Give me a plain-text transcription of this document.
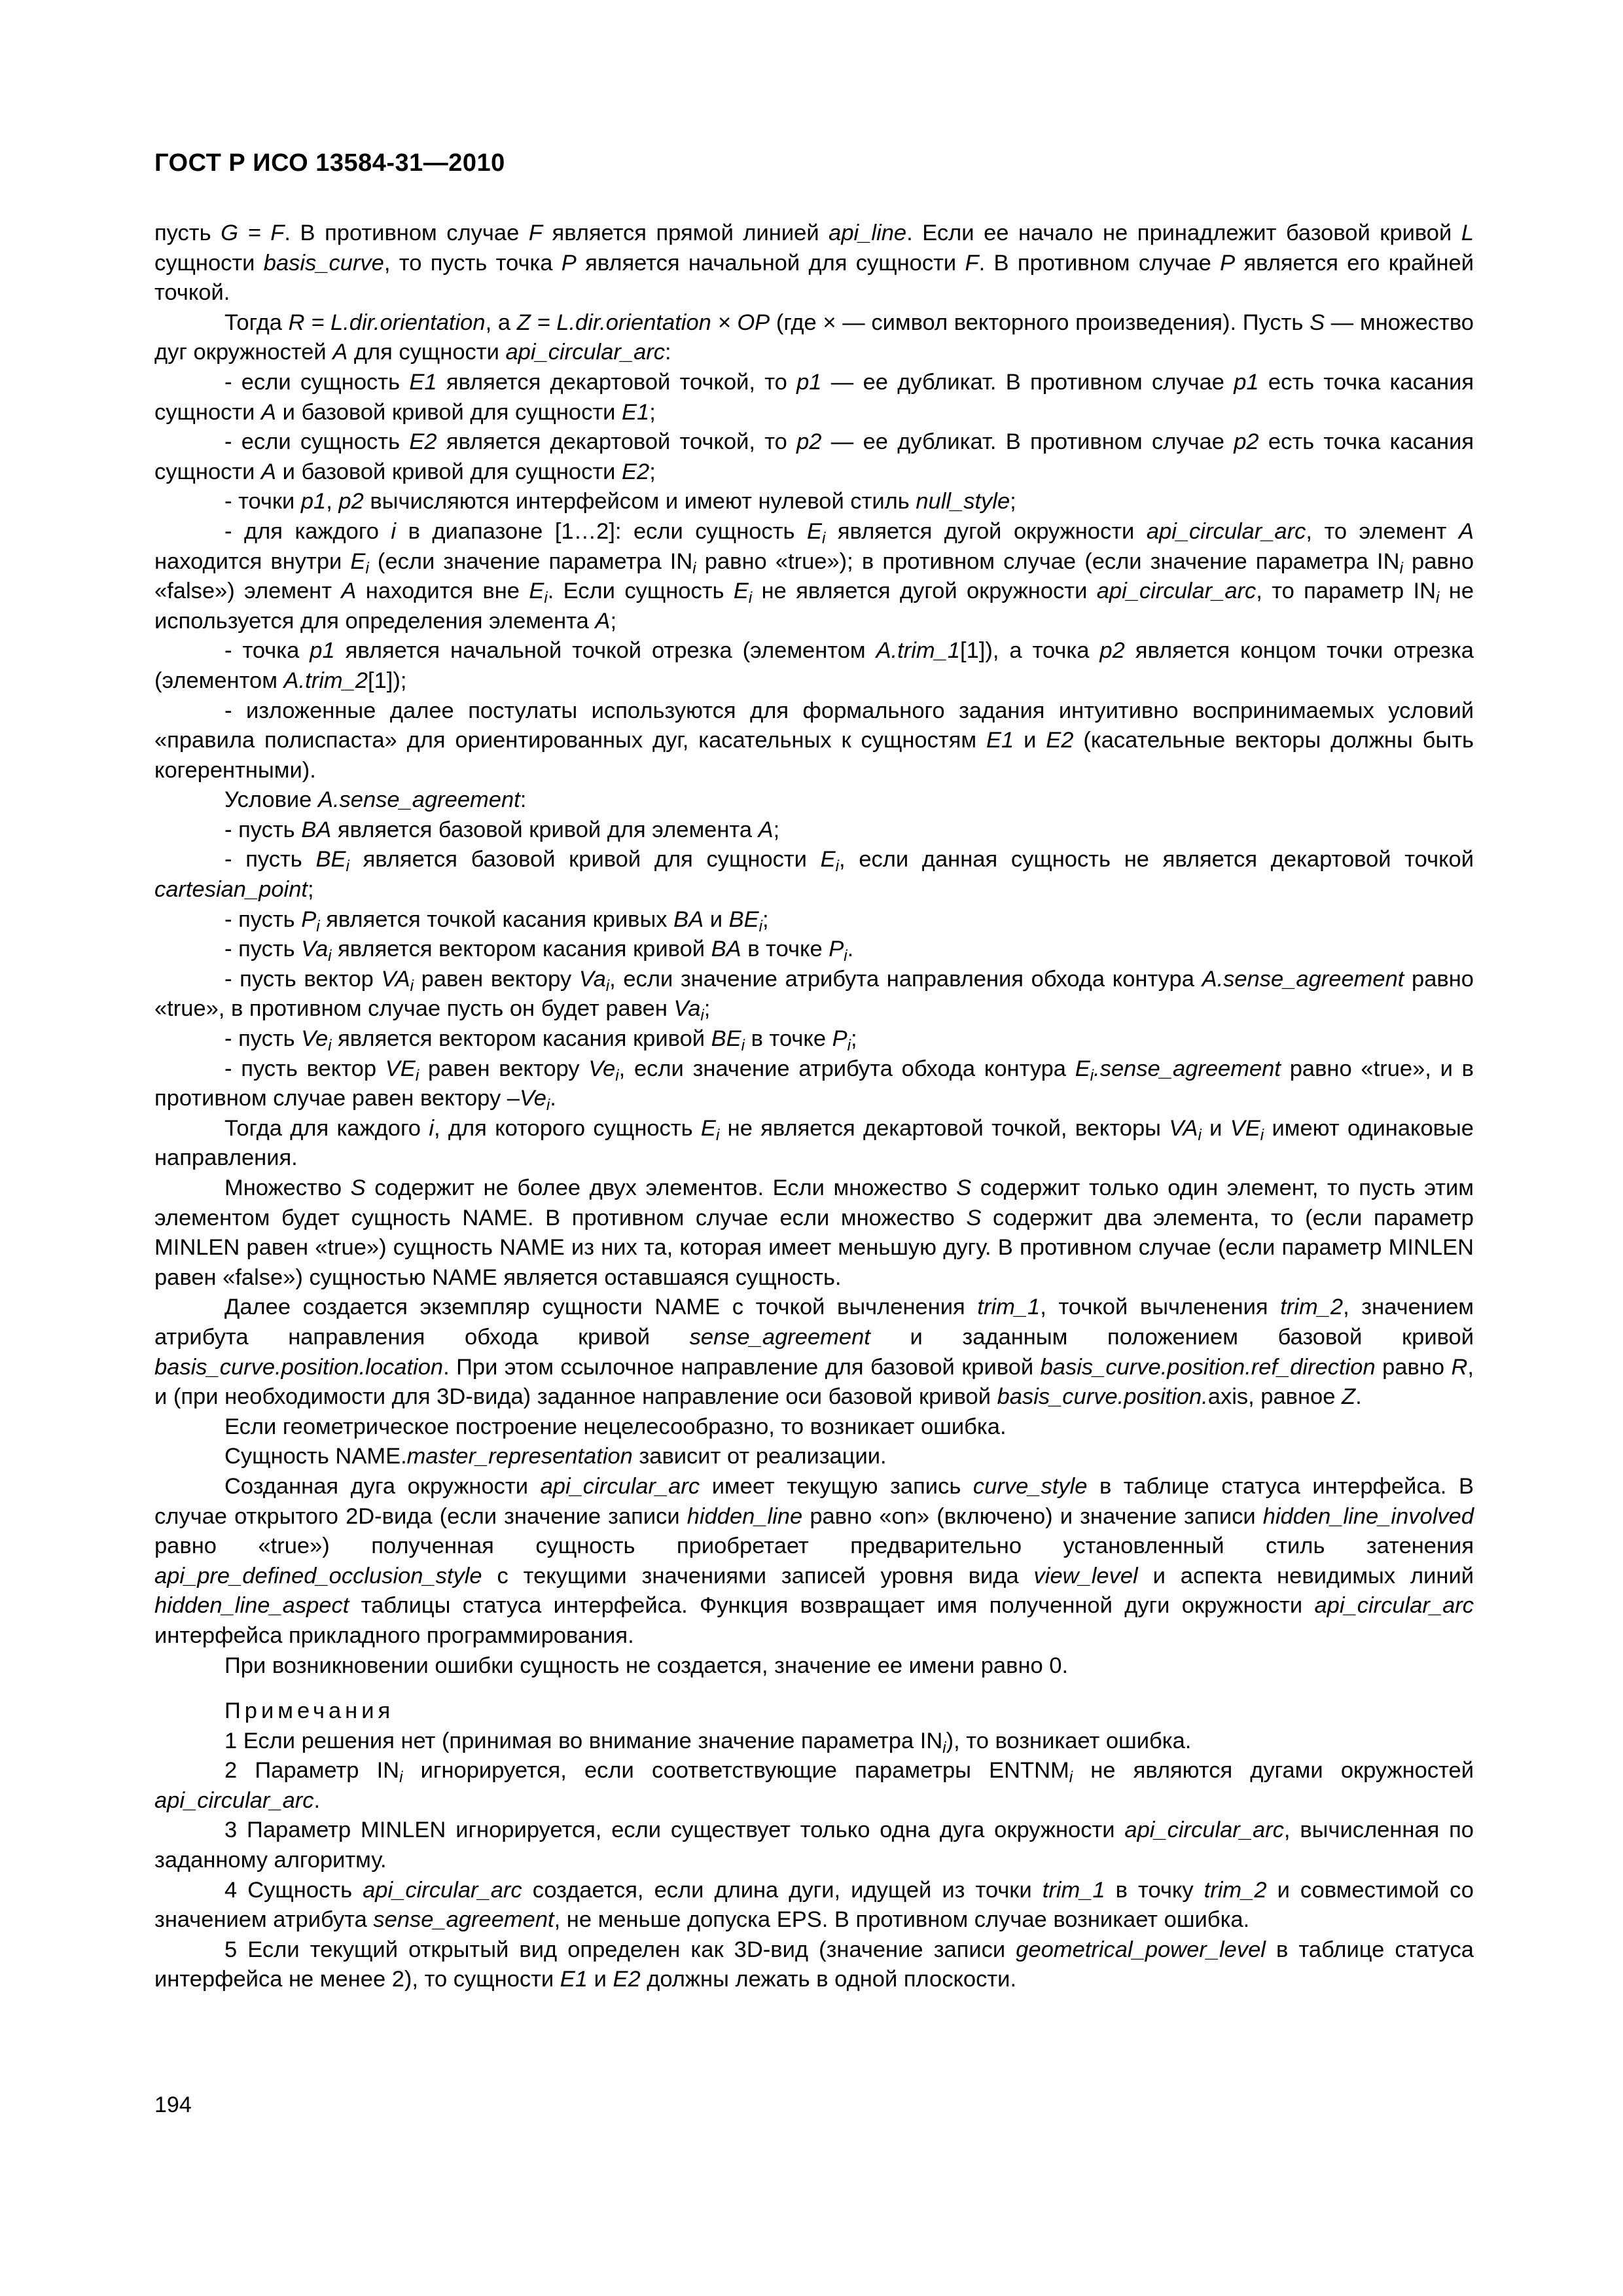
ГОСТ Р ИСО 13584-31—2010

пусть G = F. В противном случае F является прямой линией api_line. Если ее начало не принадлежит базовой кривой L сущности basis_curve, то пусть точка P является начальной для сущности F. В противном случае P является его крайней точкой.

Тогда R = L.dir.orientation, а Z = L.dir.orientation × OP (где × — символ векторного произведения). Пусть S — множество дуг окружностей A для сущности api_circular_arc:

- если сущность E1 является декартовой точкой, то p1 — ее дубликат. В противном случае p1 есть точка касания сущности A и базовой кривой для сущности E1;

- если сущность E2 является декартовой точкой, то p2 — ее дубликат. В противном случае p2 есть точка касания сущности A и базовой кривой для сущности E2;

- точки p1, p2 вычисляются интерфейсом и имеют нулевой стиль null_style;

- для каждого i в диапазоне [1…2]: если сущность $E_i$ является дугой окружности api_circular_arc, то элемент A находится внутри $E_i$ (если значение параметра $IN_i$ равно «true»); в противном случае (если значение параметра $IN_i$ равно «false») элемент A находится вне $E_i$. Если сущность $E_i$ не является дугой окружности api_circular_arc, то параметр $IN_i$ не используется для определения элемента A;

- точка p1 является начальной точкой отрезка (элементом A.trim_1[1]), а точка p2 является концом точки отрезка (элементом A.trim_2[1]);

- изложенные далее постулаты используются для формального задания интуитивно воспринимаемых условий «правила полиспаста» для ориентированных дуг, касательных к сущностям E1 и E2 (касательные векторы должны быть когерентными).

Условие A.sense_agreement:

- пусть BA является базовой кривой для элемента A;

- пусть $BE_i$ является базовой кривой для сущности $E_i$, если данная сущность не является декартовой точкой cartesian_point;

- пусть $P_i$ является точкой касания кривых BA и $BE_i$;

- пусть $Va_i$ является вектором касания кривой BA в точке $P_i$.

- пусть вектор $VA_i$ равен вектору $Va_i$, если значение атрибута направления обхода контура A.sense_agreement равно «true», в противном случае пусть он будет равен $Va_i$;

- пусть $Ve_i$ является вектором касания кривой $BE_i$ в точке $P_i$;

- пусть вектор $VE_i$ равен вектору $Ve_i$, если значение атрибута обхода контура $E_i.sense\_agreement$ равно «true», и в противном случае равен вектору $-Ve_i$.

Тогда для каждого i, для которого сущность $E_i$ не является декартовой точкой, векторы $VA_i$ и $VE_i$ имеют одинаковые направления.

Множество S содержит не более двух элементов. Если множество S содержит только один элемент, то пусть этим элементом будет сущность NAME. В противном случае если множество S содержит два элемента, то (если параметр MINLEN равен «true») сущность NAME из них та, которая имеет меньшую дугу. В противном случае (если параметр MINLEN равен «false») сущностью NAME является оставшаяся сущность.

Далее создается экземпляр сущности NAME с точкой вычленения trim_1, точкой вычленения trim_2, значением атрибута направления обхода кривой sense_agreement и заданным положением базовой кривой basis_curve.position.location. При этом ссылочное направление для базовой кривой basis_curve.position.ref_direction равно R, и (при необходимости для 3D-вида) заданное направление оси базовой кривой basis_curve.position.axis, равное Z.

Если геометрическое построение нецелесообразно, то возникает ошибка.

Сущность NAME.master_representation зависит от реализации.

Созданная дуга окружности api_circular_arc имеет текущую запись curve_style в таблице статуса интерфейса. В случае открытого 2D-вида (если значение записи hidden_line равно «on» (включено) и значение записи hidden_line_involved равно «true») полученная сущность приобретает предварительно установленный стиль затенения api_pre_defined_occlusion_style с текущими значениями записей уровня вида view_level и аспекта невидимых линий hidden_line_aspect таблицы статуса интерфейса. Функция возвращает имя полученной дуги окружности api_circular_arc интерфейса прикладного программирования.

При возникновении ошибки сущность не создается, значение ее имени равно 0.

Примечания

1 Если решения нет (принимая во внимание значение параметра $IN_i$), то возникает ошибка.

2 Параметр $IN_i$ игнорируется, если соответствующие параметры $ENTNM_i$ не являются дугами окружностей api_circular_arc.

3 Параметр MINLEN игнорируется, если существует только одна дуга окружности api_circular_arc, вычисленная по заданному алгоритму.

4 Сущность api_circular_arc создается, если длина дуги, идущей из точки trim_1 в точку trim_2 и совместимой со значением атрибута sense_agreement, не меньше допуска EPS. В противном случае возникает ошибка.

5 Если текущий открытый вид определен как 3D-вид (значение записи geometrical_power_level в таблице статуса интерфейса не менее 2), то сущности E1 и E2 должны лежать в одной плоскости.

194
